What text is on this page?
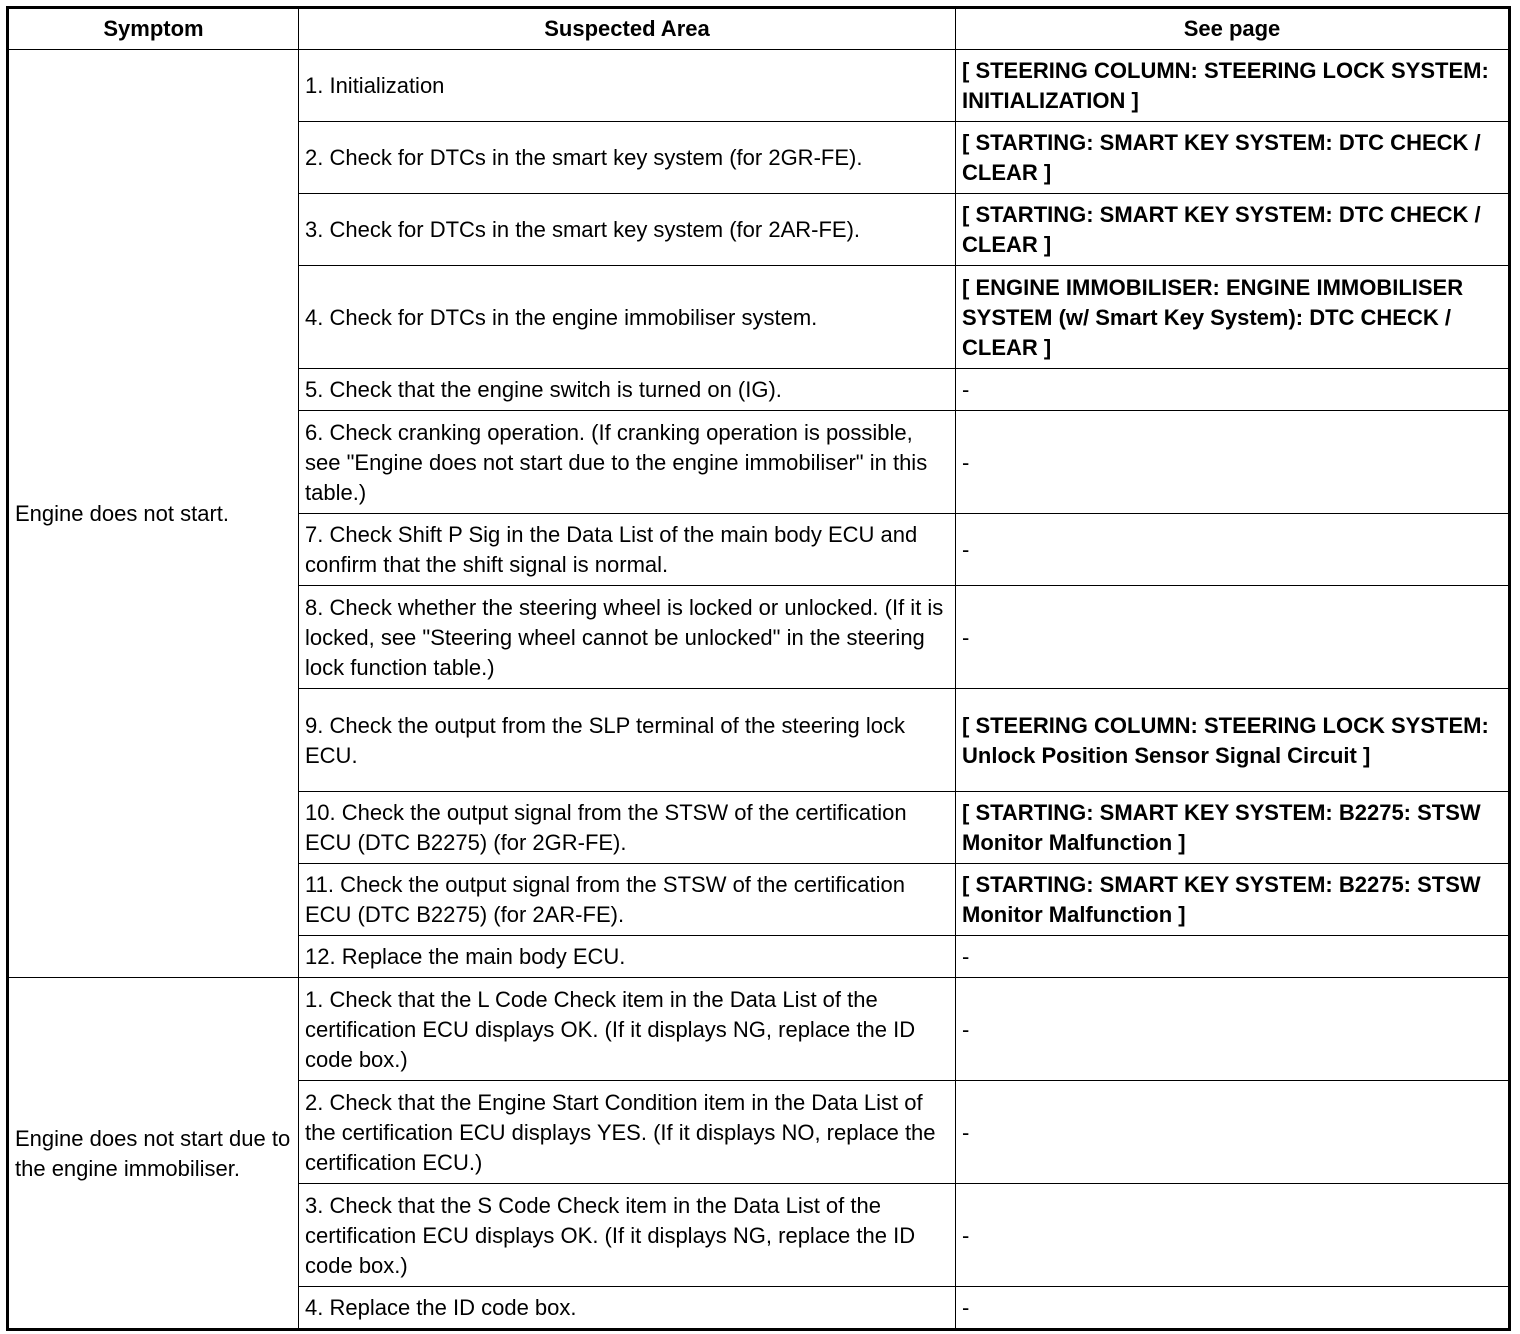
Symptom	Suspected Area	See page
Engine does not start.	1. Initialization	[ STEERING COLUMN: STEERING LOCK SYSTEM: INITIALIZATION ]
	2. Check for DTCs in the smart key system (for 2GR-FE).	[ STARTING: SMART KEY SYSTEM: DTC CHECK / CLEAR ]
	3. Check for DTCs in the smart key system (for 2AR-FE).	[ STARTING: SMART KEY SYSTEM: DTC CHECK / CLEAR ]
	4. Check for DTCs in the engine immobiliser system.	[ ENGINE IMMOBILISER: ENGINE IMMOBILISER SYSTEM (w/ Smart Key System): DTC CHECK / CLEAR ]
	5. Check that the engine switch is turned on (IG).	-
	6. Check cranking operation. (If cranking operation is possible, see "Engine does not start due to the engine immobiliser" in this table.)	-
	7. Check Shift P Sig in the Data List of the main body ECU and confirm that the shift signal is normal.	-
	8. Check whether the steering wheel is locked or unlocked. (If it is locked, see "Steering wheel cannot be unlocked" in the steering lock function table.)	-
	9. Check the output from the SLP terminal of the steering lock ECU.	[ STEERING COLUMN: STEERING LOCK SYSTEM: Unlock Position Sensor Signal Circuit ]
	10. Check the output signal from the STSW of the certification ECU (DTC B2275) (for 2GR-FE).	[ STARTING: SMART KEY SYSTEM: B2275: STSW Monitor Malfunction ]
	11. Check the output signal from the STSW of the certification ECU (DTC B2275) (for 2AR-FE).	[ STARTING: SMART KEY SYSTEM: B2275: STSW Monitor Malfunction ]
	12. Replace the main body ECU.	-
Engine does not start due to the engine immobiliser.	1. Check that the L Code Check item in the Data List of the certification ECU displays OK. (If it displays NG, replace the ID code box.)	-
	2. Check that the Engine Start Condition item in the Data List of the certification ECU displays YES. (If it displays NO, replace the certification ECU.)	-
	3. Check that the S Code Check item in the Data List of the certification ECU displays OK. (If it displays NG, replace the ID code box.)	-
	4. Replace the ID code box.	-
